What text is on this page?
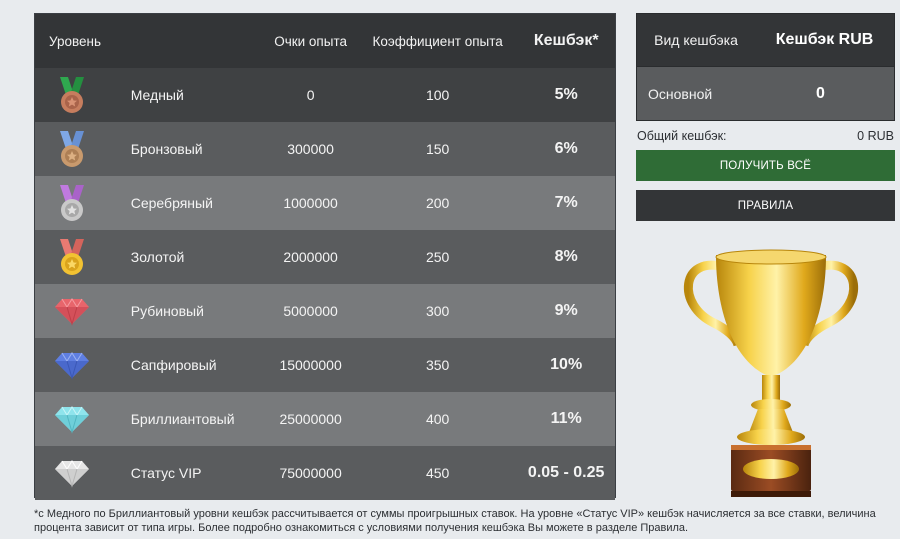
Уровень	Очки опыта	Коэффициент опыта	Кешбэк*
Медный	0	100	5%
Бронзовый	300000	150	6%
Серебряный	1000000	200	7%
Золотой	2000000	250	8%
Рубиновый	5000000	300	9%
Сапфировый	15000000	350	10%
Бриллиантовый	25000000	400	11%
Статус VIP	75000000	450	0.05 - 0.25
*с Медного по Бриллиантовый уровни кешбэк рассчитывается от суммы проигрышных ставок. На уровне «Статус VIP» кешбэк начисляется за все ставки, величина процента зависит от типа игры. Более подробно ознакомиться с условиями получения кешбэка Вы можете в разделе Правила.
Вид кешбэка	Кешбэк RUB
Основной	0
Общий кешбэк:	0 RUB
ПОЛУЧИТЬ ВСЁ
ПРАВИЛА
